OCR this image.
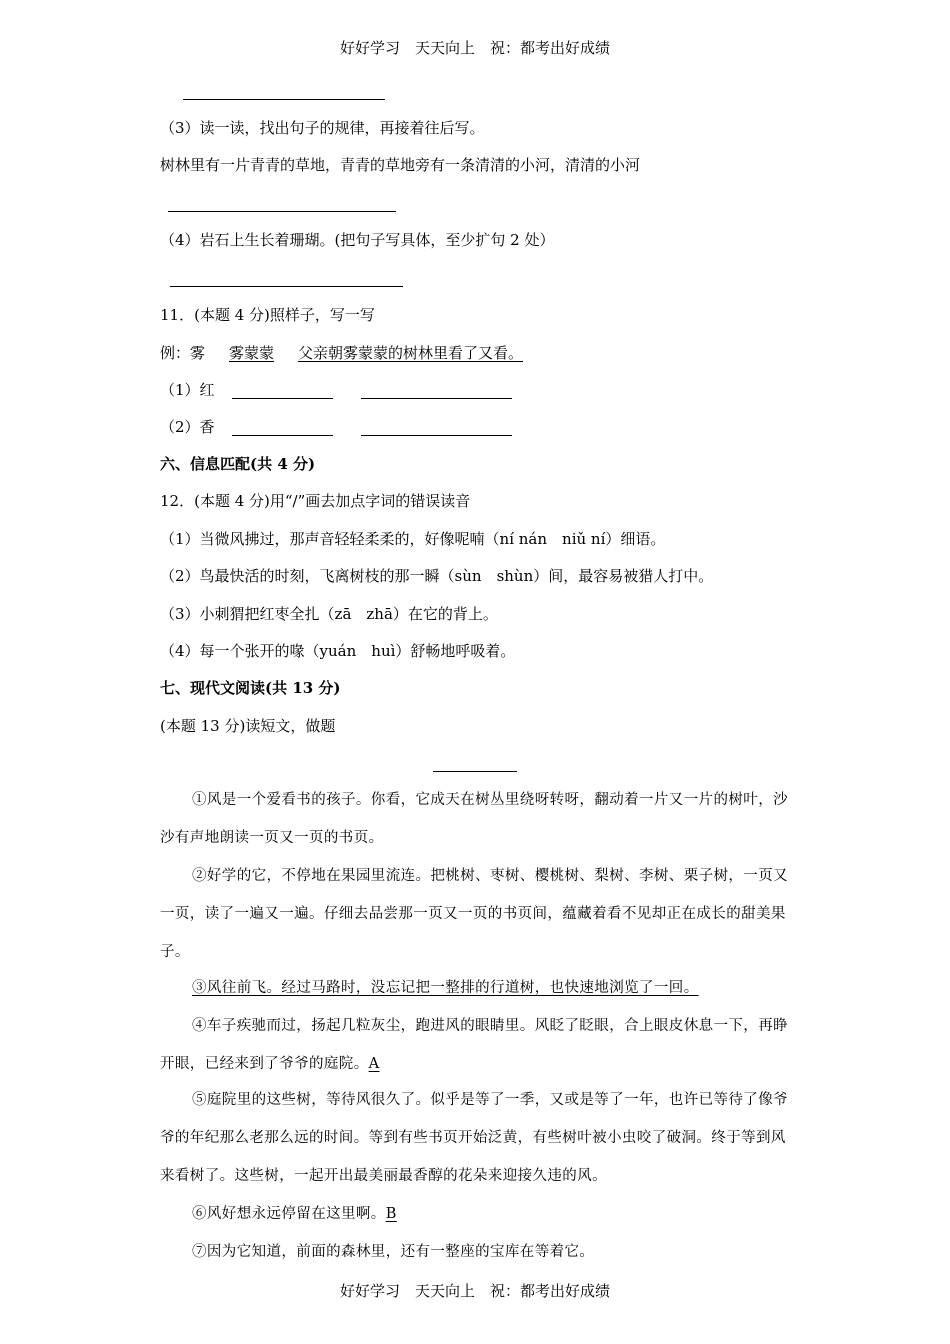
好好学习　天天向上　祝：都考出好成绩
（3）读一读，找出句子的规律，再接着往后写。
树林里有一片青青的草地，青青的草地旁有一条清清的小河，清清的小河
（4）岩石上生长着珊瑚。(把句子写具体，至少扩句 2 处）
11．(本题 4 分)照样子，写一写
例：雾 雾蒙蒙 父亲朝雾蒙蒙的树林里看了又看。
（1）红
（2）香
六、信息匹配(共 4 分)
12．(本题 4 分)用“/”画去加点字词的错误读音
（1）当微风拂过，那声音轻轻柔柔的，好像呢喃（ní nán　niǔ ní）细语。
（2）鸟最快活的时刻，飞离树枝的那一瞬（sùn　shùn）间，最容易被猎人打中。
（3）小刺猬把红枣全扎（zā　zhā）在它的背上。
（4）每一个张开的喙（yuán　huì）舒畅地呼吸着。
七、现代文阅读(共 13 分)
(本题 13 分)读短文，做题
①风是一个爱看书的孩子。你看，它成天在树丛里绕呀转呀，翻动着一片又一片的树叶，沙沙有声地朗读一页又一页的书页。
②好学的它，不停地在果园里流连。把桃树、枣树、樱桃树、梨树、李树、栗子树，一页又一页，读了一遍又一遍。仔细去品尝那一页又一页的书页间，蕴藏着看不见却正在成长的甜美果子。
③风往前飞。经过马路时，没忘记把一整排的行道树，也快速地浏览了一回。
④车子疾驰而过，扬起几粒灰尘，跑进风的眼睛里。风眨了眨眼，合上眼皮休息一下，再睁开眼，已经来到了爷爷的庭院。A
⑤庭院里的这些树，等待风很久了。似乎是等了一季，又或是等了一年，也许已等待了像爷爷的年纪那么老那么远的时间。等到有些书页开始泛黄，有些树叶被小虫咬了破洞。终于等到风来看树了。这些树，一起开出最美丽最香醇的花朵来迎接久违的风。
⑥风好想永远停留在这里啊。B
⑦因为它知道，前面的森林里，还有一整座的宝库在等着它。
好好学习　天天向上　祝：都考出好成绩
